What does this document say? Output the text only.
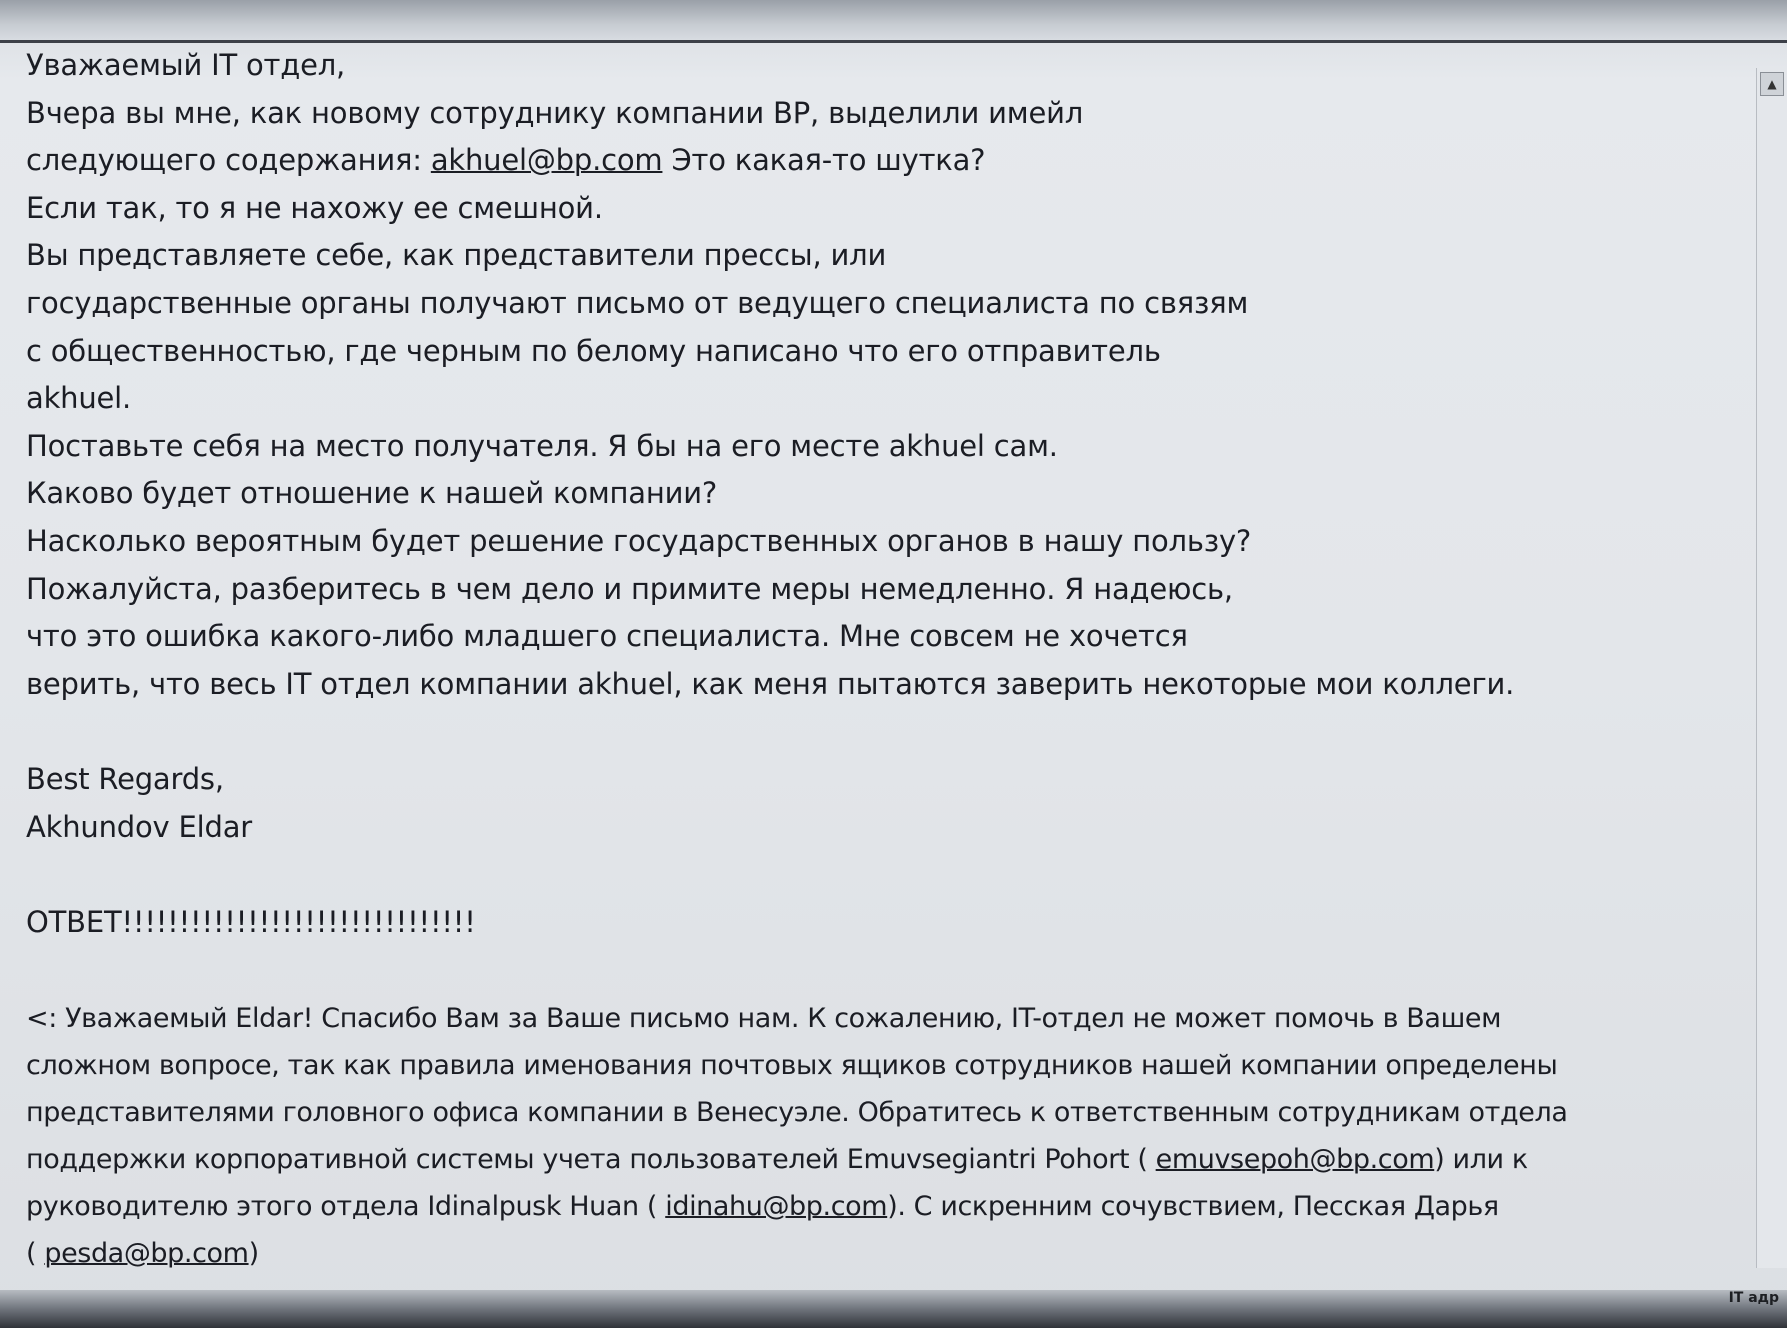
▲
Уважаемый IT отдел,
Вчера вы мне, как новому сотруднику компании BP, выделили имейл
следующего содержания: akhuel@bp.com Это какая-то шутка?
Если так, то я не нахожу ее смешной.
Вы представляете себе, как представители прессы, или
государственные органы получают письмо от ведущего специалиста по связям
с общественностью, где черным по белому написано что его отправитель
akhuel.
Поставьте себя на место получателя. Я бы на его месте akhuel сам.
Каково будет отношение к нашей компании?
Насколько вероятным будет решение государственных органов в нашу пользу?
Пожалуйста, разберитесь в чем дело и примите меры немедленно. Я надеюсь,
что это ошибка какого-либо младшего специалиста. Мне совсем не хочется
верить, что весь IT отдел компании akhuel, как меня пытаются заверить некоторые мои коллеги.
Best Regards,
Akhundov Eldar
ОТВЕТ!!!!!!!!!!!!!!!!!!!!!!!!!!!!!!!
<: Уважаемый Eldar! Спасибо Вам за Ваше письмо нам. К сожалению, IT-отдел не может помочь в Вашем
сложном вопросе, так как правила именования почтовых ящиков сотрудников нашей компании определены
представителями головного офиса компании в Венесуэле. Обратитесь к ответственным сотрудникам отдела
поддержки корпоративной системы учета пользователей Emuvsegiantri Pohort ( emuvsepoh@bp.com) или к
руководителю этого отдела Idinalpusk Huan ( idinahu@bp.com). С искренним сочувствием, Песская Дарья
( pesda@bp.com)
IT адр
